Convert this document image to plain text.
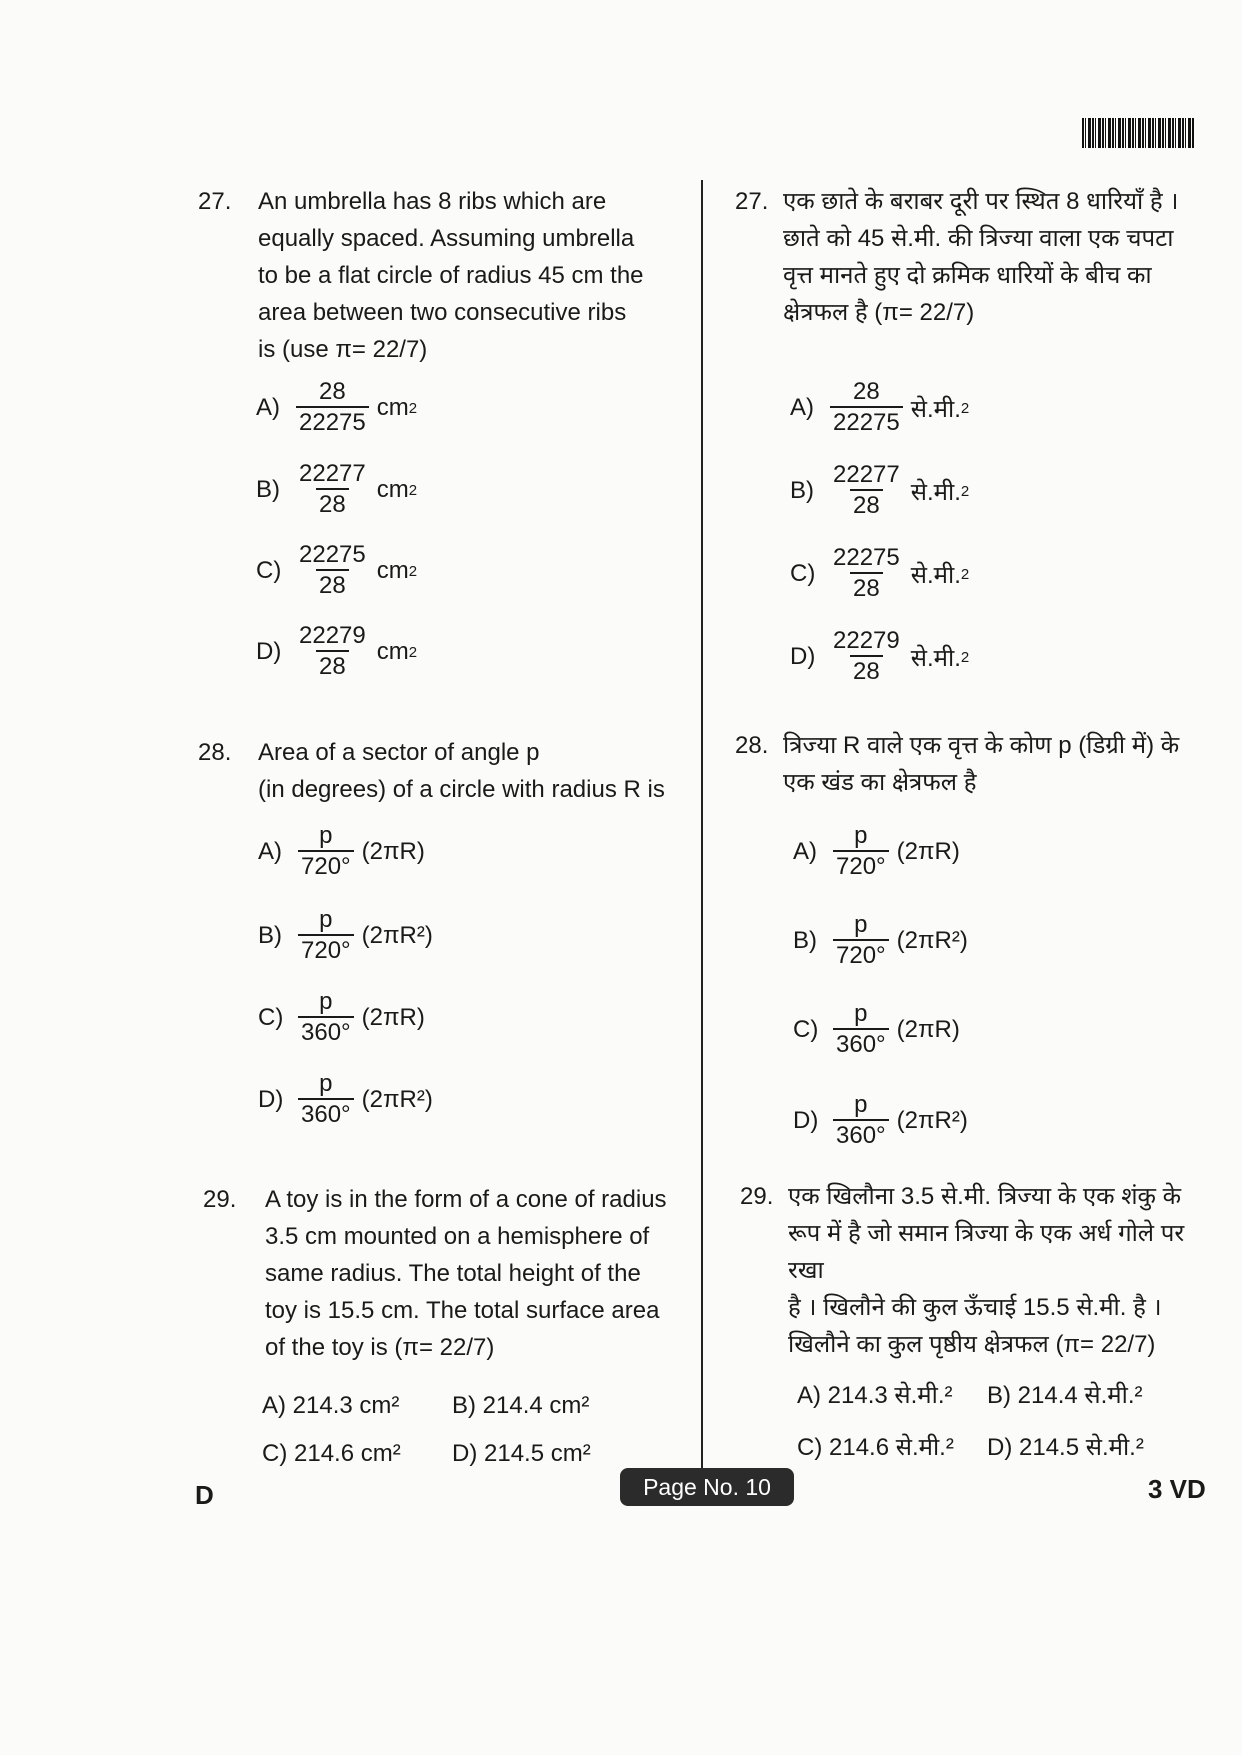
27. An umbrella has 8 ribs which are
equally spaced. Assuming umbrella
to be a flat circle of radius 45 cm the
area between two consecutive ribs
is (use π= 22/7)
$A) \frac{28}{22275}$ cm 2
$B) \frac{22277}{28}$ cm 2
$C) \frac{22275}{28}$ cm 2
$D) \frac{22279}{28}$ cm 2
28. Area of a sector of angle p
(in degrees) of a circle with radius R is
$A) \frac{p}{720^\circ} (2\pi R)$
$B) \frac{p}{720^\circ} (2\pi R^2)$
$C) \frac{p}{360^\circ} (2\pi R)$
$D) \frac{p}{360^\circ} (2\pi R^2)$
29. A toy is in the form of a cone of radius
3.5 cm mounted on a hemisphere of
same radius. The total height of the
toy is 15.5 cm. The total surface area
of the toy is (π= 22/7)
A) 214.3 cm² B) 214.4 cm²
C) 214.6 cm² D) 214.5 cm²
27. एक छाते के बराबर दूरी पर स्थित 8 धारियाँ है ।
छाते को 45 से.मी. की त्रिज्या वाला एक चपटा
वृत्त मानते हुए दो क्रमिक धारियों के बीच का
क्षेत्रफल है (π= 22/7)
$A) \frac{28}{22275}$ से.मी. 2
$B) \frac{22277}{28}$ से.मी. 2
$C) \frac{22275}{28}$ से.मी. 2
$D) \frac{22279}{28}$ से.मी. 2
28. त्रिज्या R वाले एक वृत्त के कोण p (डिग्री में) के
एक खंड का क्षेत्रफल है
$A) \frac{p}{720^\circ} (2\pi R)$
$B) \frac{p}{720^\circ} (2\pi R^2)$
$C) \frac{p}{360^\circ} (2\pi R)$
$D) \frac{p}{360^\circ} (2\pi R^2)$
29. एक खिलौना 3.5 से.मी. त्रिज्या के एक शंकु के
रूप में है जो समान त्रिज्या के एक अर्ध गोले पर रखा
है । खिलौने की कुल ऊँचाई 15.5 से.मी. है ।
खिलौने का कुल पृष्ठीय क्षेत्रफल (π= 22/7)
A) 214.3 से.मी.² B) 214.4 से.मी.²
C) 214.6 से.मी.² D) 214.5 से.मी.²
D	Page No. 10	3 VD
